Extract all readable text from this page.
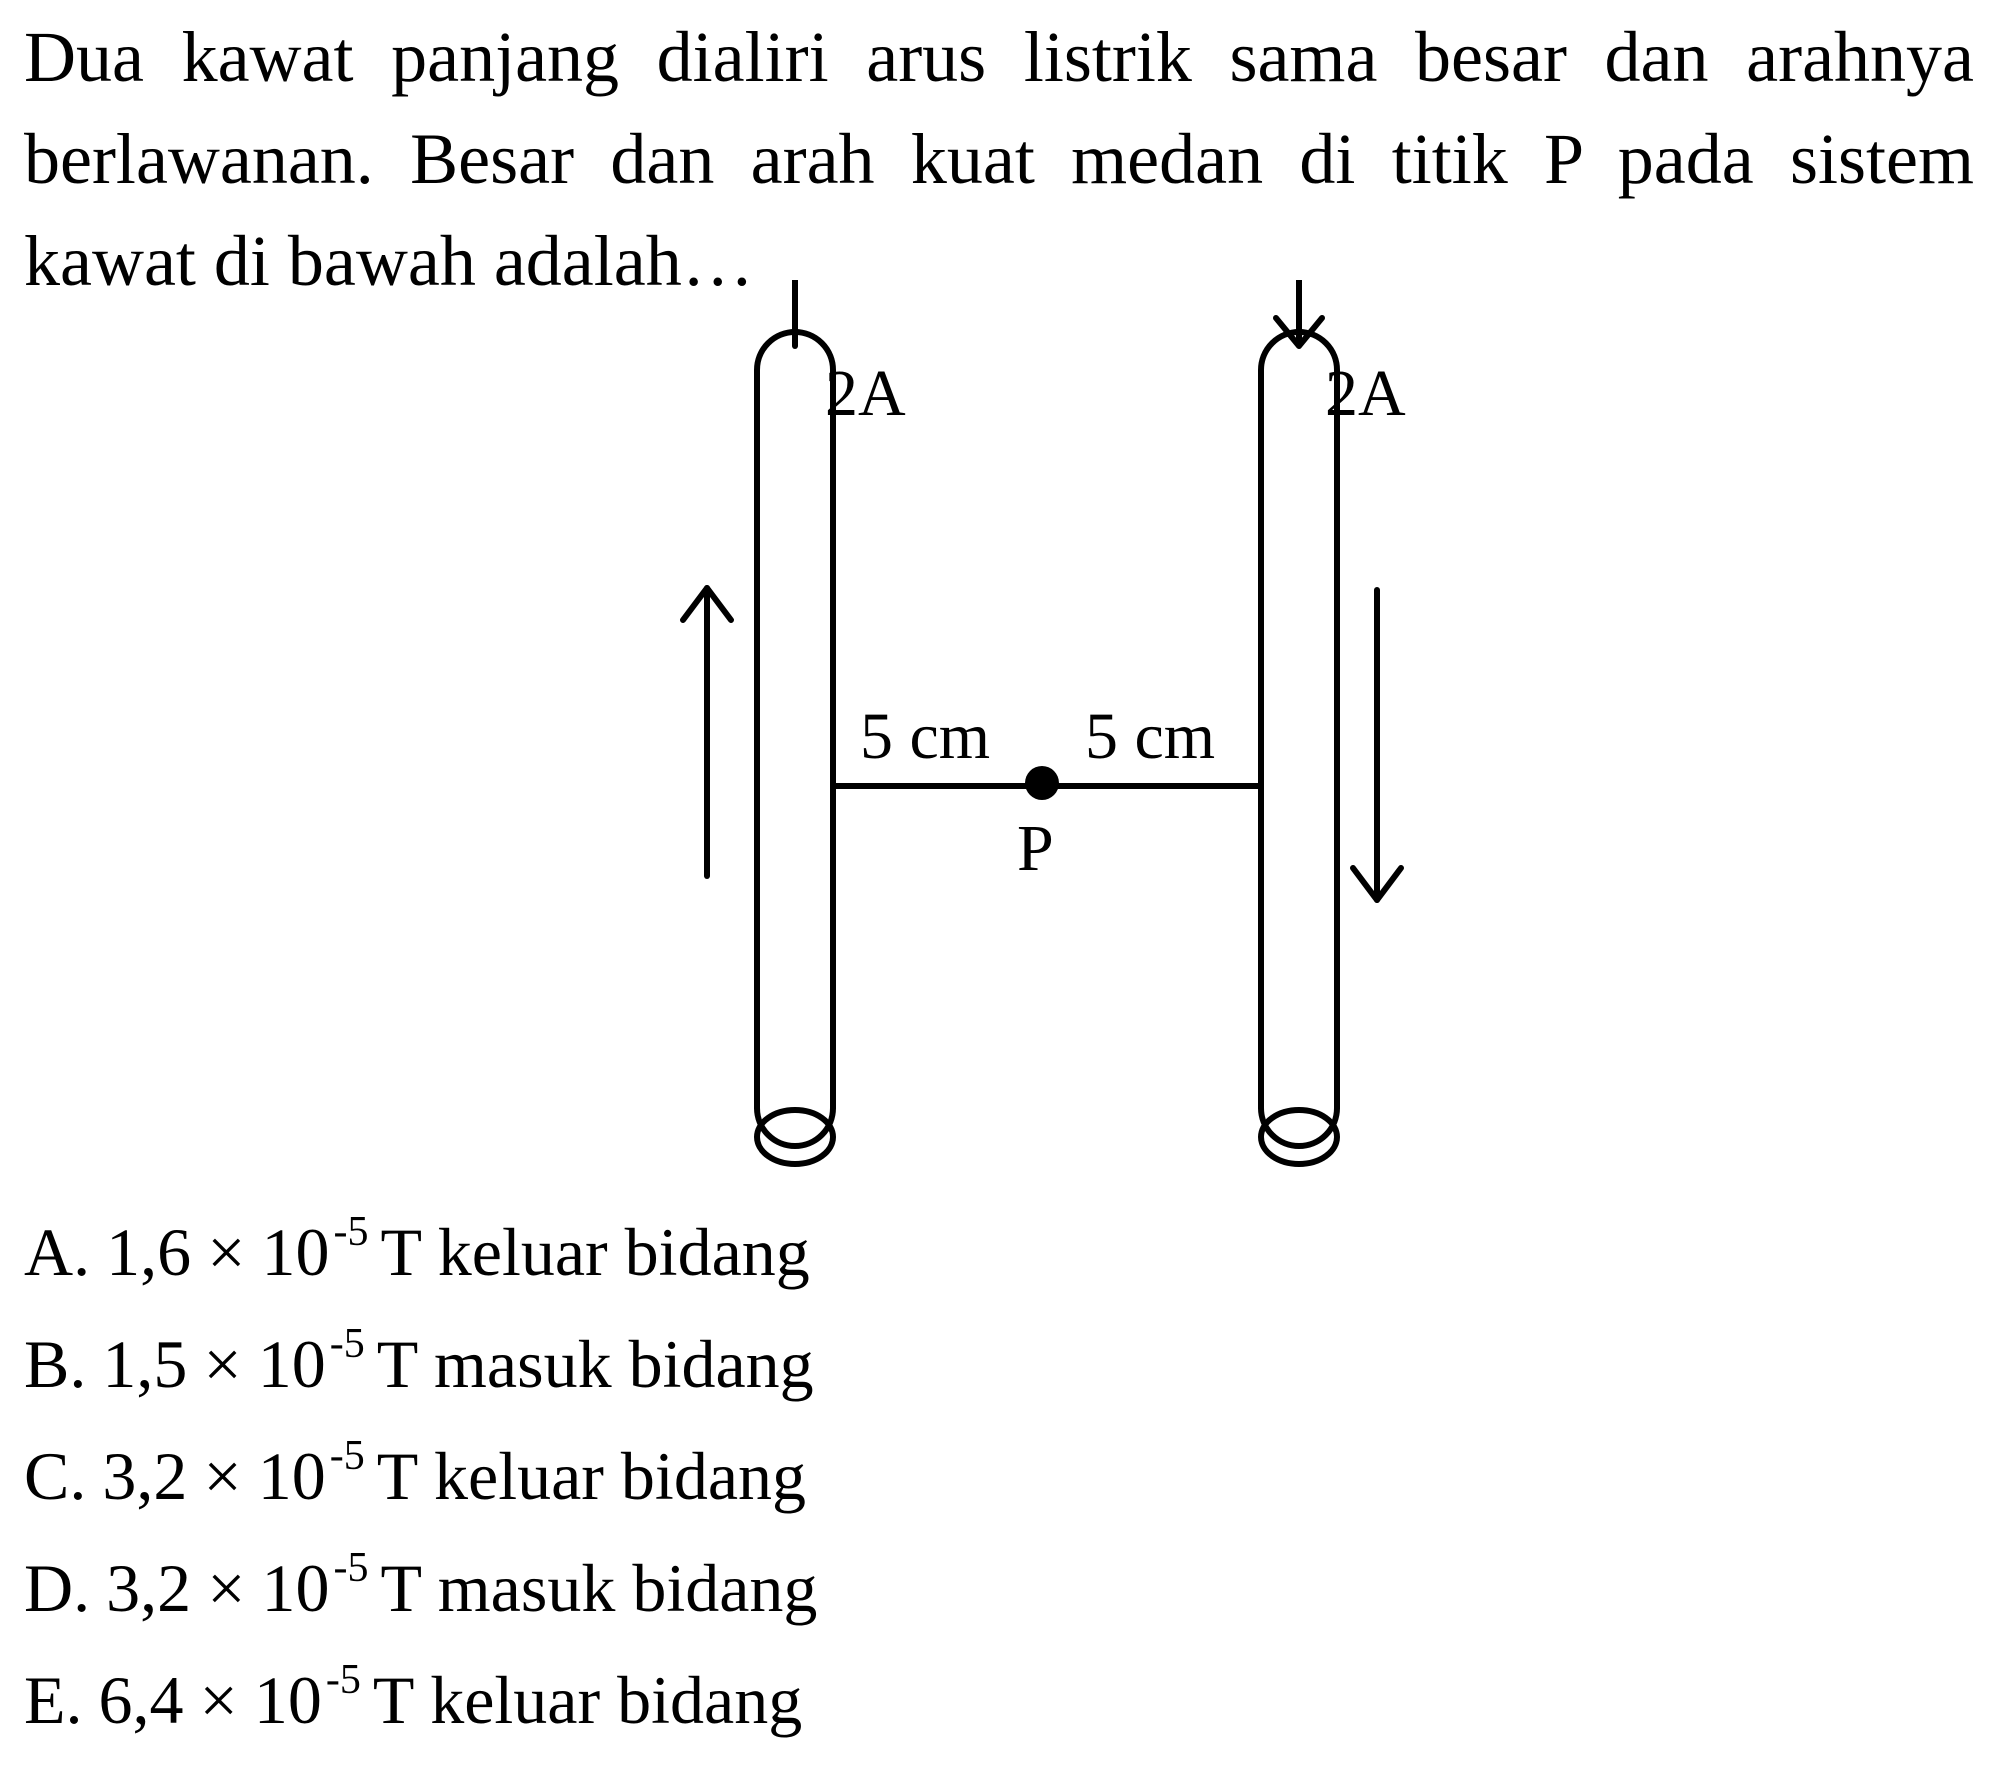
Dua kawat panjang dialiri arus listrik sama besar dan arahnya berlawanan. Besar dan arah kuat medan di titik P pada sistem kawat di bawah adalah…

2A	2A
5 cm 5 cm
P
A. $1,6 \times 10^{-5}$ T keluar bidang
B. $1,5 \times 10^{-5}$ T masuk bidang
C. $3,2 \times 10^{-5}$ T keluar bidang
D. $3,2 \times 10^{-5}$ T masuk bidang
E. $6,4 \times 10^{-5}$ T keluar bidang
